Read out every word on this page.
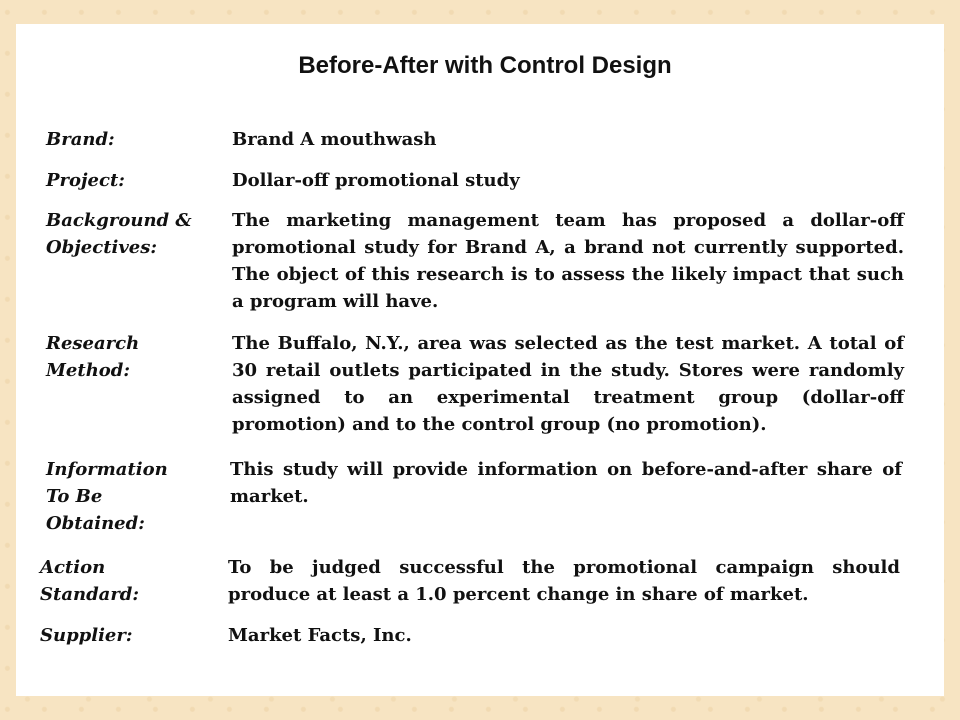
Before-After with Control Design
Brand:	Brand A mouthwash
Project:	Dollar-off promotional study
Background & Objectives:
The marketing management team has proposed a dollar-off promotional study for Brand A, a brand not currently supported. The object of this research is to assess the likely impact that such a program will have.
Research Method:
The Buffalo, N.Y., area was selected as the test market. A total of 30 retail outlets participated in the study. Stores were randomly assigned to an experimental treatment group (dollar-off promotion) and to the control group (no promotion).
Information To Be Obtained:
This study will provide information on before-and-after share of market.
Action Standard:
To be judged successful the promotional campaign should produce at least a 1.0 percent change in share of market.
Supplier:	Market Facts, Inc.
